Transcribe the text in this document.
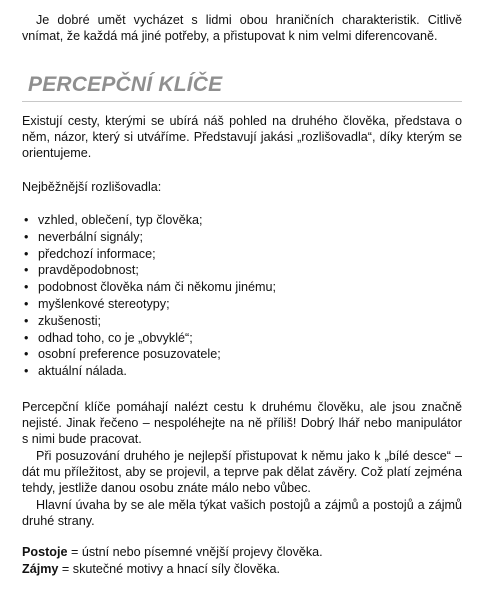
Je dobré umět vycházet s lidmi obou hraničních charakteristik. Citlivě vnímat, že každá má jiné potřeby, a přistupovat k nim velmi diferencovaně.
PERCEPČNÍ KLÍČE
Existují cesty, kterými se ubírá náš pohled na druhého člověka, představa o něm, názor, který si utváříme. Představují jakási „rozlišovadla“, díky kterým se orientujeme.
Nejběžnější rozlišovadla:
• vzhled, oblečení, typ člověka;
• neverbální signály;
• předchozí informace;
• pravděpodobnost;
• podobnost člověka nám či někomu jinému;
• myšlenkové stereotypy;
• zkušenosti;
• odhad toho, co je „obvyklé“;
• osobní preference posuzovatele;
• aktuální nálada.
Percepční klíče pomáhají nalézt cestu k druhému člověku, ale jsou značně nejisté. Jinak řečeno – nespoléhejte na ně příliš! Dobrý lhář nebo manipulátor s nimi bude pracovat.
Při posuzování druhého je nejlepší přistupovat k němu jako k „bílé desce“ – dát mu příležitost, aby se projevil, a teprve pak dělat závěry. Což platí zejména tehdy, jestliže danou osobu znáte málo nebo vůbec.
Hlavní úvaha by se ale měla týkat vašich postojů a zájmů a postojů a zájmů druhé strany.
Postoje = ústní nebo písemné vnější projevy člověka.
Zájmy = skutečné motivy a hnací síly člověka.
